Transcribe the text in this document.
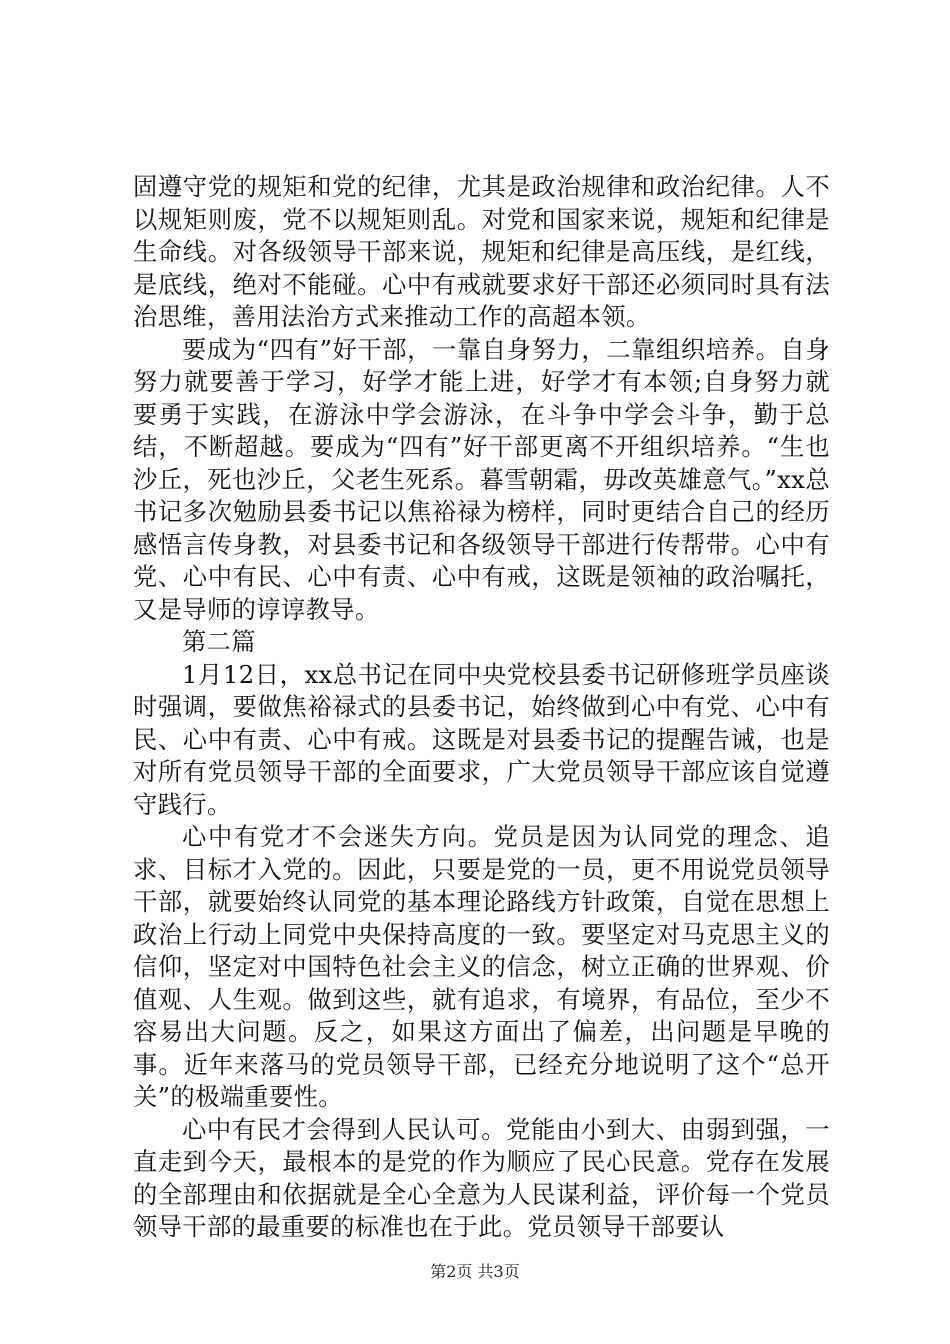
固遵守党的规矩和党的纪律，尤其是政治规律和政治纪律。人不以规矩则废，党不以规矩则乱。对党和国家来说，规矩和纪律是生命线。对各级领导干部来说，规矩和纪律是高压线，是红线，是底线，绝对不能碰。心中有戒就要求好干部还必须同时具有法治思维，善用法治方式来推动工作的高超本领。

要成为“四有”好干部，一靠自身努力，二靠组织培养。自身努力就要善于学习，好学才能上进，好学才有本领;自身努力就要勇于实践，在游泳中学会游泳，在斗争中学会斗争，勤于总结，不断超越。要成为“四有”好干部更离不开组织培养。“生也沙丘，死也沙丘，父老生死系。暮雪朝霜，毋改英雄意气。”xx总书记多次勉励县委书记以焦裕禄为榜样，同时更结合自己的经历感悟言传身教，对县委书记和各级领导干部进行传帮带。心中有党、心中有民、心中有责、心中有戒，这既是领袖的政治嘱托，又是导师的谆谆教导。

第二篇

1月12日，xx总书记在同中央党校县委书记研修班学员座谈时强调，要做焦裕禄式的县委书记，始终做到心中有党、心中有民、心中有责、心中有戒。这既是对县委书记的提醒告诫，也是对所有党员领导干部的全面要求，广大党员领导干部应该自觉遵守践行。

心中有党才不会迷失方向。党员是因为认同党的理念、追求、目标才入党的。因此，只要是党的一员，更不用说党员领导干部，就要始终认同党的基本理论路线方针政策，自觉在思想上政治上行动上同党中央保持高度的一致。要坚定对马克思主义的信仰，坚定对中国特色社会主义的信念，树立正确的世界观、价值观、人生观。做到这些，就有追求，有境界，有品位，至少不容易出大问题。反之，如果这方面出了偏差，出问题是早晚的事。近年来落马的党员领导干部，已经充分地说明了这个“总开关”的极端重要性。

心中有民才会得到人民认可。党能由小到大、由弱到强，一直走到今天，最根本的是党的作为顺应了民心民意。党存在发展的全部理由和依据就是全心全意为人民谋利益，评价每一个党员领导干部的最重要的标准也在于此。党员领导干部要认

第2页 共3页
